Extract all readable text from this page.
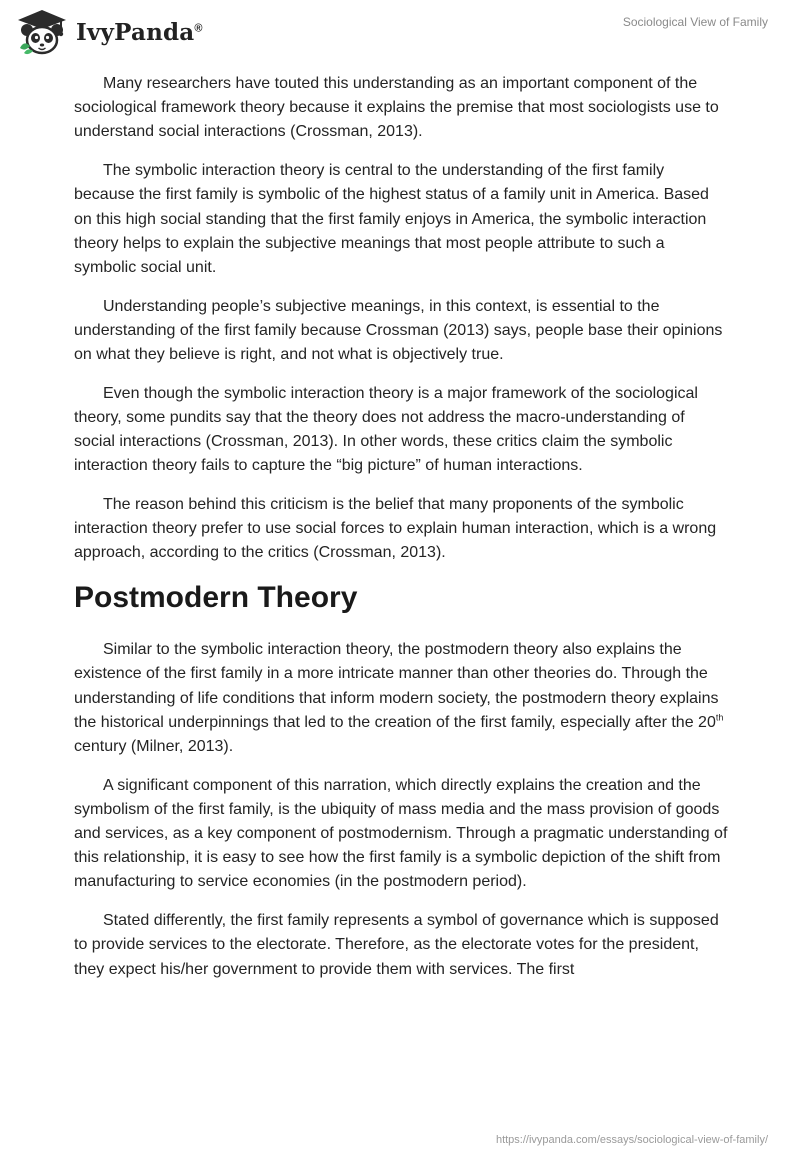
IvyPanda®	Sociological View of Family

Many researchers have touted this understanding as an important component of the sociological framework theory because it explains the premise that most sociologists use to understand social interactions (Crossman, 2013).

The symbolic interaction theory is central to the understanding of the first family because the first family is symbolic of the highest status of a family unit in America. Based on this high social standing that the first family enjoys in America, the symbolic interaction theory helps to explain the subjective meanings that most people attribute to such a symbolic social unit.

Understanding people’s subjective meanings, in this context, is essential to the understanding of the first family because Crossman (2013) says, people base their opinions on what they believe is right, and not what is objectively true.

Even though the symbolic interaction theory is a major framework of the sociological theory, some pundits say that the theory does not address the macro-understanding of social interactions (Crossman, 2013). In other words, these critics claim the symbolic interaction theory fails to capture the “big picture” of human interactions.

The reason behind this criticism is the belief that many proponents of the symbolic interaction theory prefer to use social forces to explain human interaction, which is a wrong approach, according to the critics (Crossman, 2013).

Postmodern Theory

Similar to the symbolic interaction theory, the postmodern theory also explains the existence of the first family in a more intricate manner than other theories do. Through the understanding of life conditions that inform modern society, the postmodern theory explains the historical underpinnings that led to the creation of the first family, especially after the 20th century (Milner, 2013).

A significant component of this narration, which directly explains the creation and the symbolism of the first family, is the ubiquity of mass media and the mass provision of goods and services, as a key component of postmodernism. Through a pragmatic understanding of this relationship, it is easy to see how the first family is a symbolic depiction of the shift from manufacturing to service economies (in the postmodern period).

Stated differently, the first family represents a symbol of governance which is supposed to provide services to the electorate. Therefore, as the electorate votes for the president, they expect his/her government to provide them with services. The first

https://ivypanda.com/essays/sociological-view-of-family/
